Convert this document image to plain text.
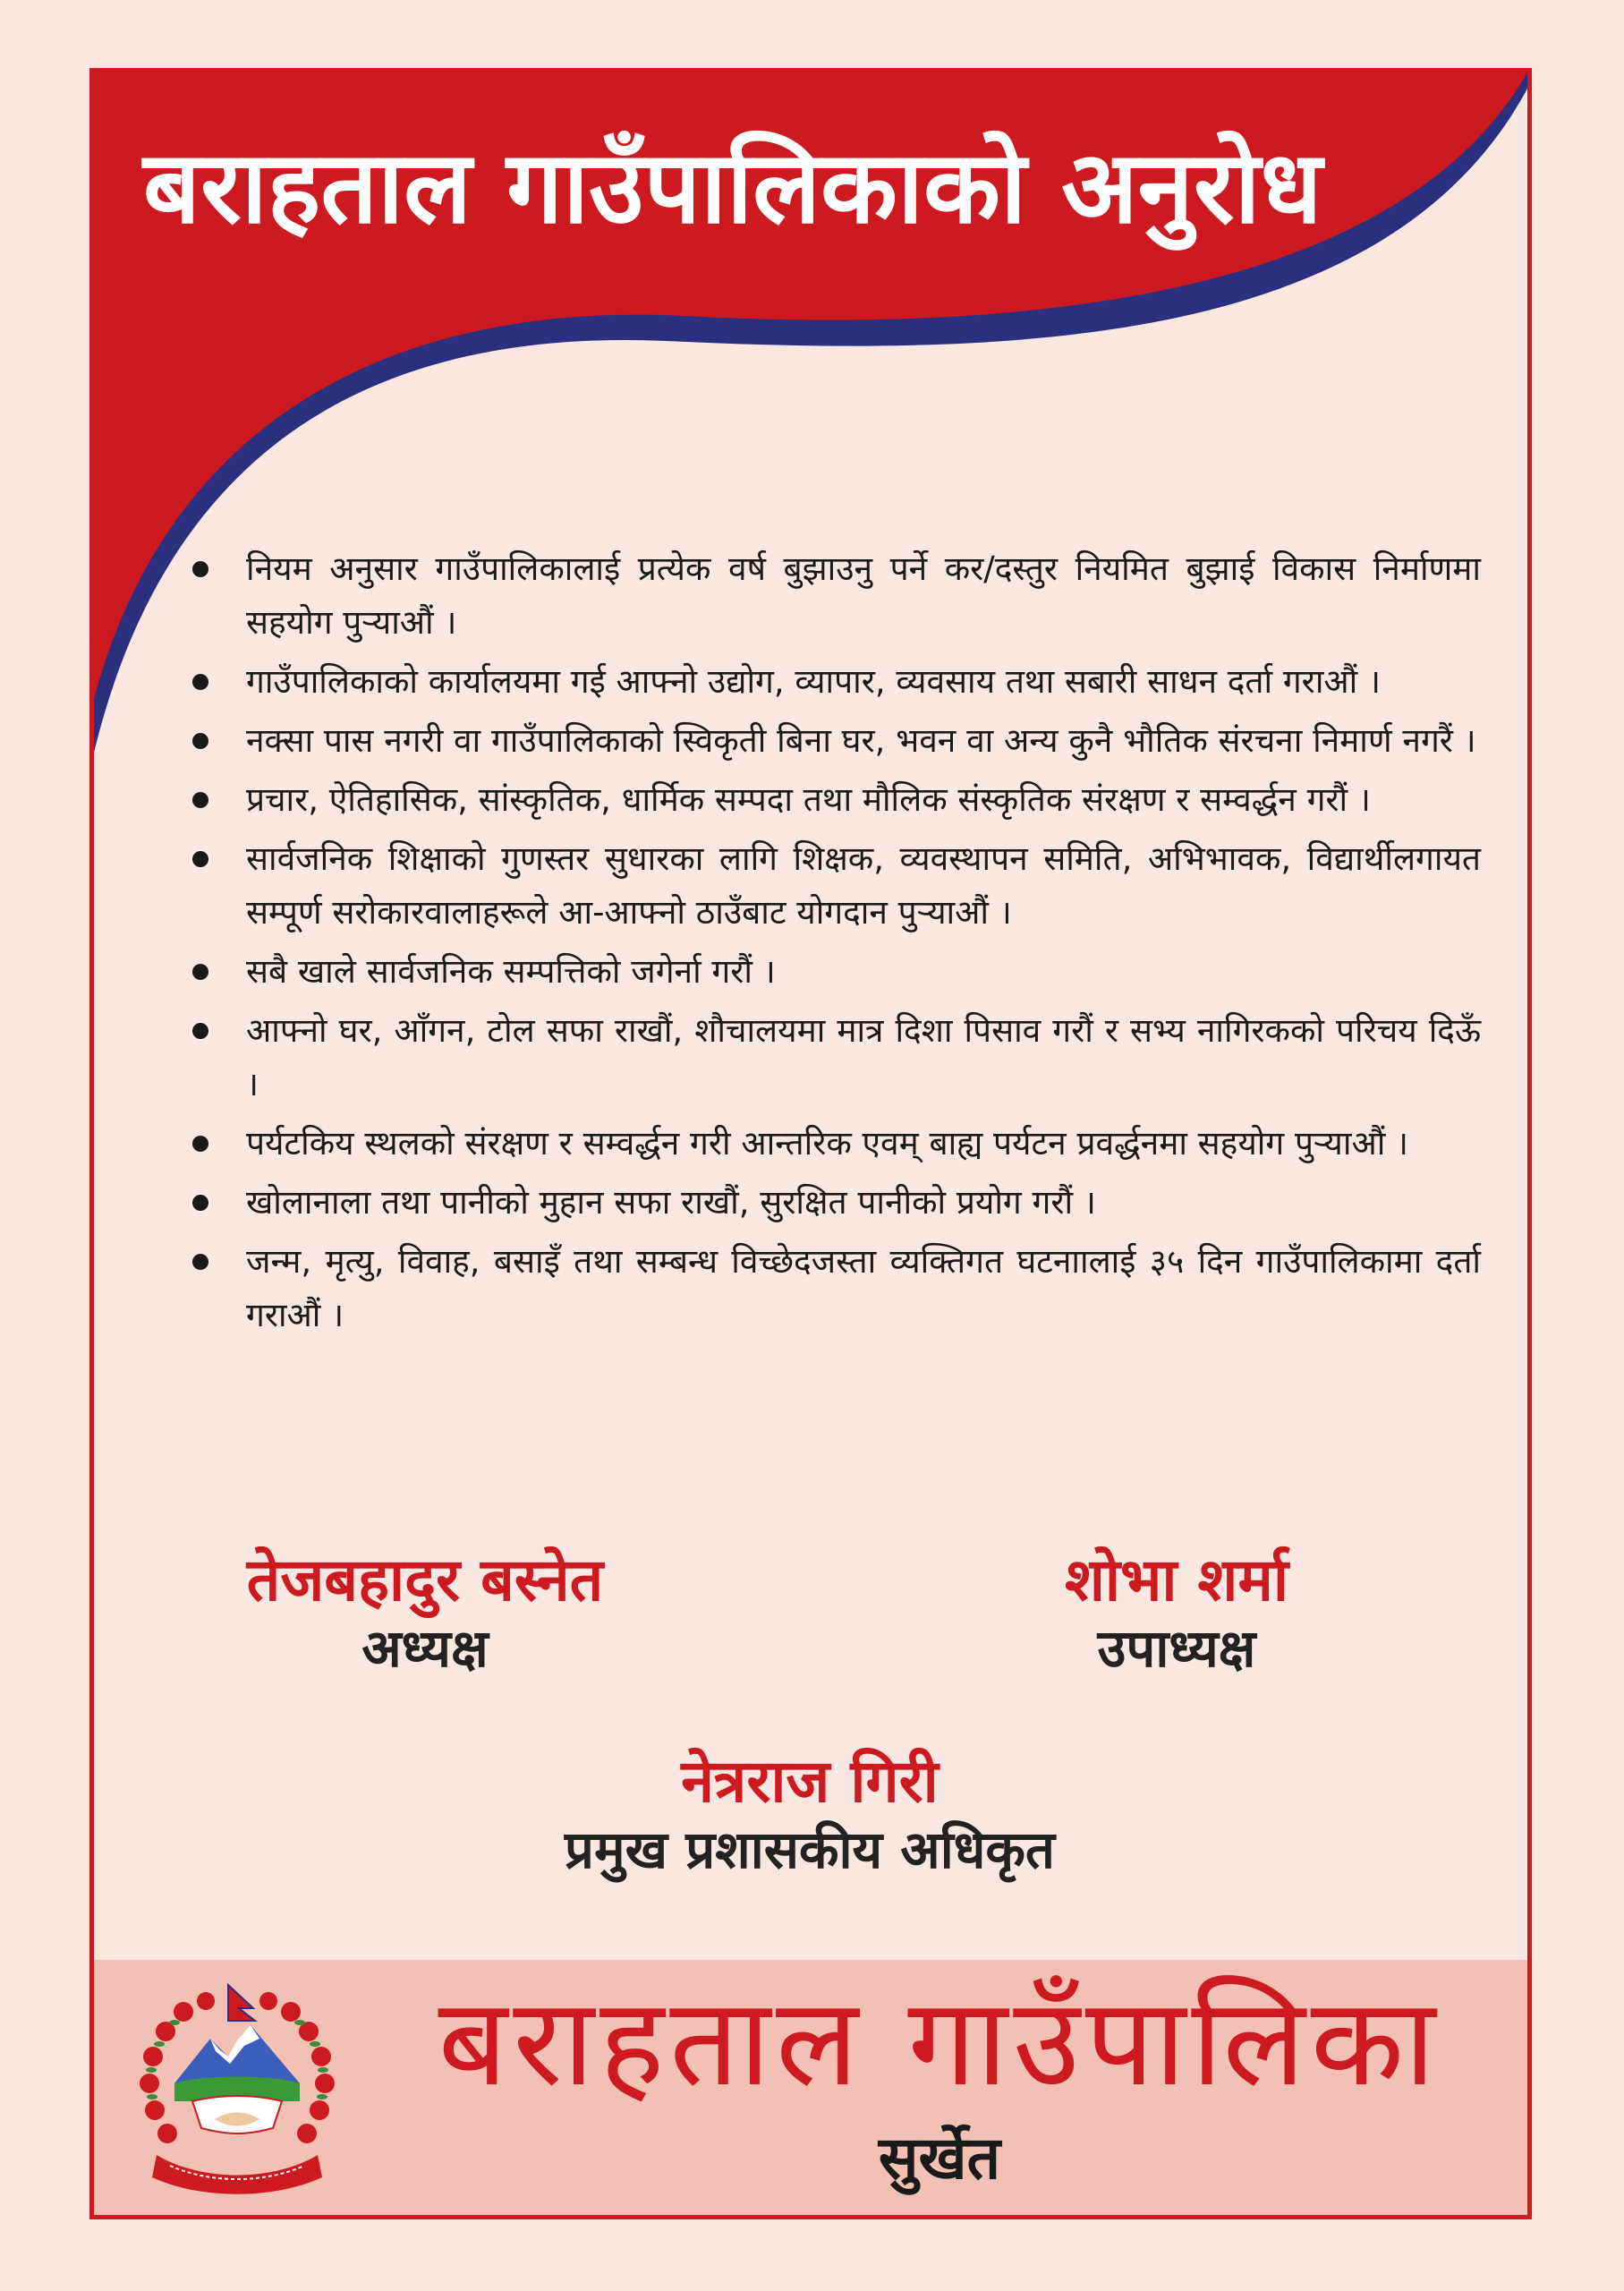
बराहताल गाउँपालिकाको अनुरोध
नियम अनुसार गाउँपालिकालाई प्रत्येक वर्ष बुझाउनु पर्ने कर/दस्तुर नियमित बुझाई विकास निर्माणमा सहयोग पुऱ्याऔं ।
गाउँपालिकाको कार्यालयमा गई आफ्नो उद्योग, व्यापार, व्यवसाय तथा सबारी साधन दर्ता गराऔं ।
नक्सा पास नगरी वा गाउँपालिकाको स्विकृती बिना घर, भवन वा अन्य कुनै भौतिक संरचना निमार्ण नगरैं ।
प्रचार, ऐतिहासिक, सांस्कृतिक, धार्मिक सम्पदा तथा मौलिक संस्कृतिक संरक्षण र सम्वर्द्धन गरौं ।
सार्वजनिक शिक्षाको गुणस्तर सुधारका लागि शिक्षक, व्यवस्थापन समिति, अभिभावक, विद्यार्थीलगायत सम्पूर्ण सरोकारवालाहरूले आ-आफ्नो ठाउँबाट योगदान पुऱ्याऔं ।
सबै खाले सार्वजनिक सम्पत्तिको जगेर्ना गरौं ।
आफ्नो घर, आँगन, टोल सफा राखौं, शौचालयमा मात्र दिशा पिसाव गरौं र सभ्य नागिरकको परिचय दिऊँ ।
पर्यटकिय स्थलको संरक्षण र सम्वर्द्धन गरी आन्तरिक एवम् बाह्य पर्यटन प्रवर्द्धनमा सहयोग पुऱ्याऔं ।
खोलानाला तथा पानीको मुहान सफा राखौं, सुरक्षित पानीको प्रयोग गरौं ।
जन्म, मृत्यु, विवाह, बसाइँ तथा सम्बन्ध विच्छेदजस्ता व्यक्तिगत घटनाालाई ३५ दिन गाउँपालिकामा दर्ता गराऔं ।
तेजबहादुर बस्नेत
अध्यक्ष
शोभा शर्मा
उपाध्यक्ष
नेत्रराज गिरी
प्रमुख प्रशासकीय अधिकृत
बराहताल गाउँपालिका
सुर्खेत
